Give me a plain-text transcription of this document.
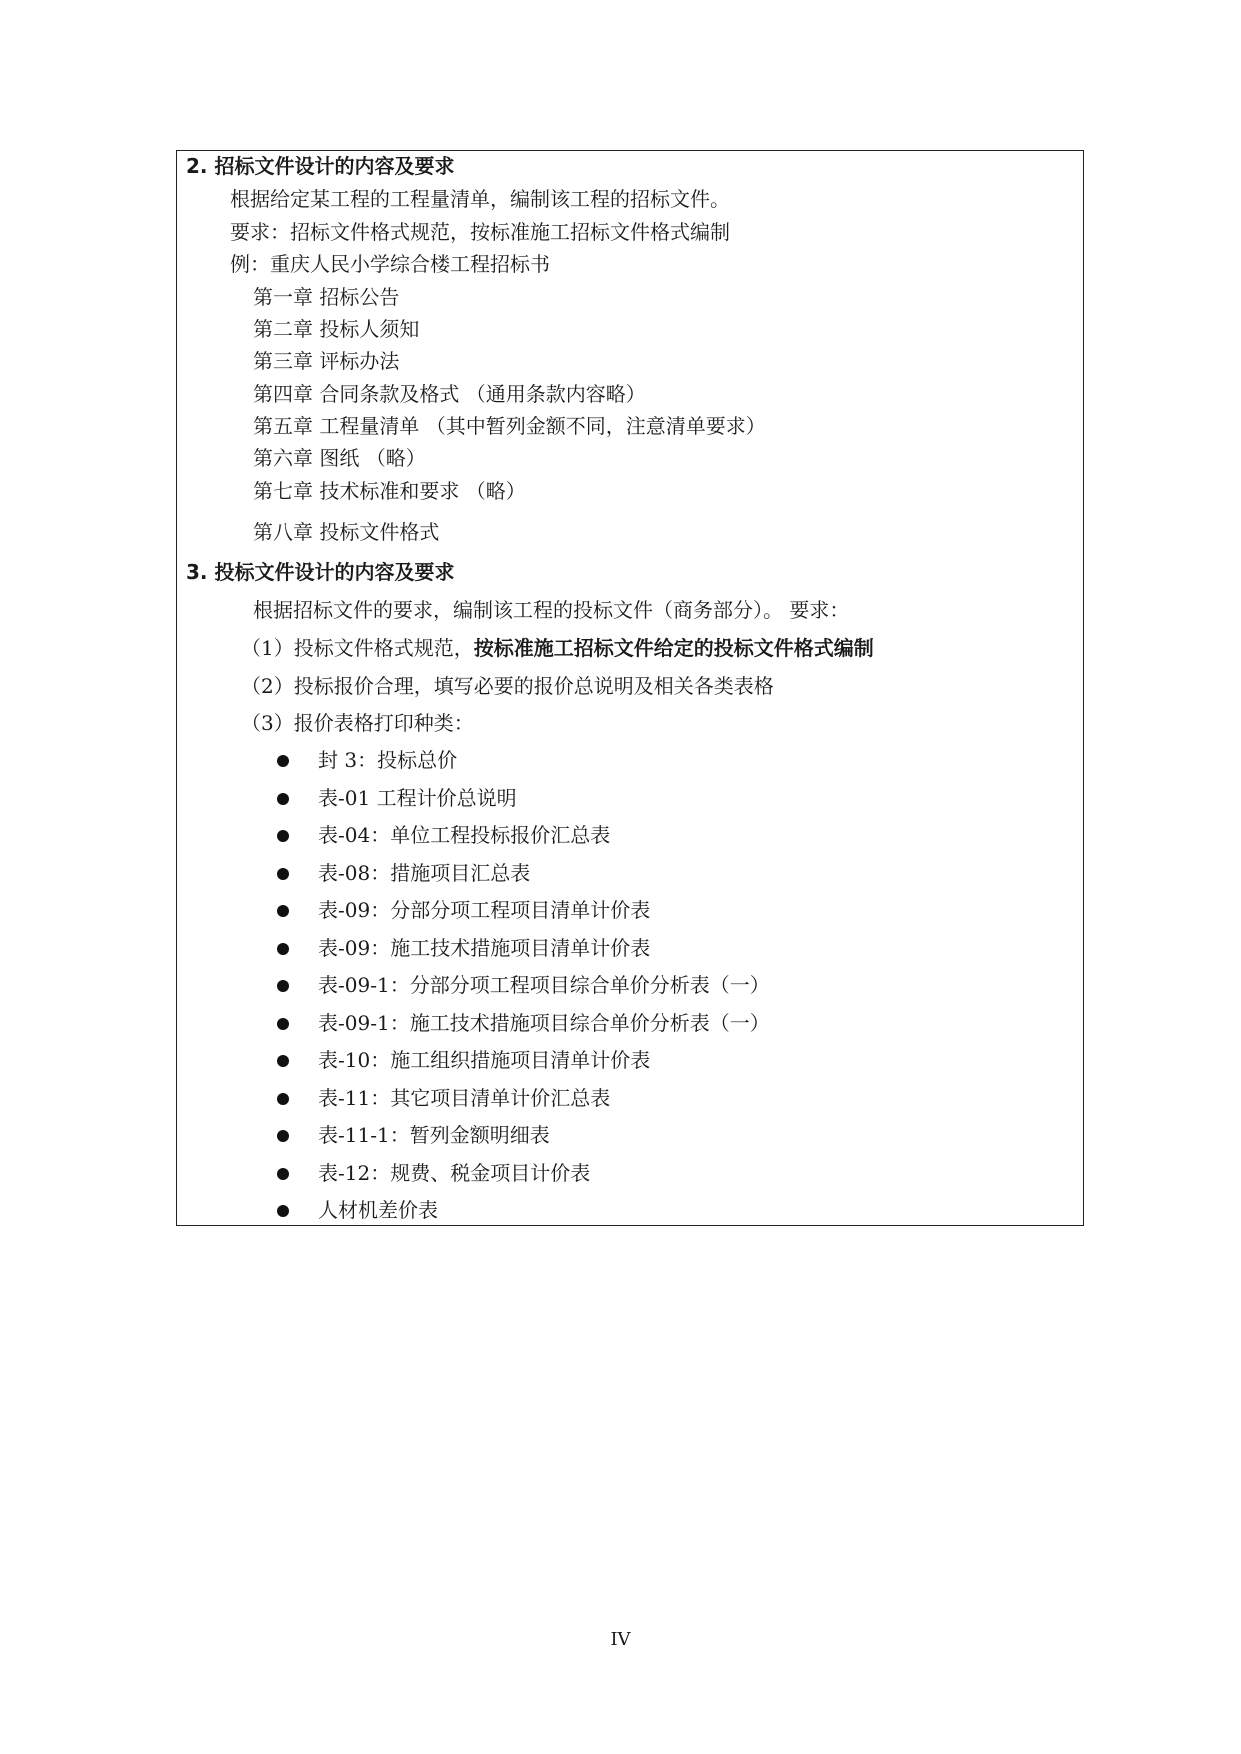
2. 招标文件设计的内容及要求
根据给定某工程的工程量清单，编制该工程的招标文件。
要求：招标文件格式规范，按标准施工招标文件格式编制
例：重庆人民小学综合楼工程招标书
第一章 招标公告
第二章 投标人须知
第三章 评标办法
第四章 合同条款及格式 （通用条款内容略）
第五章 工程量清单 （其中暂列金额不同，注意清单要求）
第六章 图纸 （略）
第七章 技术标准和要求 （略）
第八章 投标文件格式
3. 投标文件设计的内容及要求
根据招标文件的要求，编制该工程的投标文件（商务部分）。 要求：
（1）投标文件格式规范，按标准施工招标文件给定的投标文件格式编制
（2）投标报价合理，填写必要的报价总说明及相关各类表格
（3）报价表格打印种类：
封 3：投标总价
表-01 工程计价总说明
表-04：单位工程投标报价汇总表
表-08：措施项目汇总表
表-09：分部分项工程项目清单计价表
表-09：施工技术措施项目清单计价表
表-09-1：分部分项工程项目综合单价分析表（一）
表-09-1：施工技术措施项目综合单价分析表（一）
表-10：施工组织措施项目清单计价表
表-11：其它项目清单计价汇总表
表-11-1：暂列金额明细表
表-12：规费、税金项目计价表
人材机差价表
IV
